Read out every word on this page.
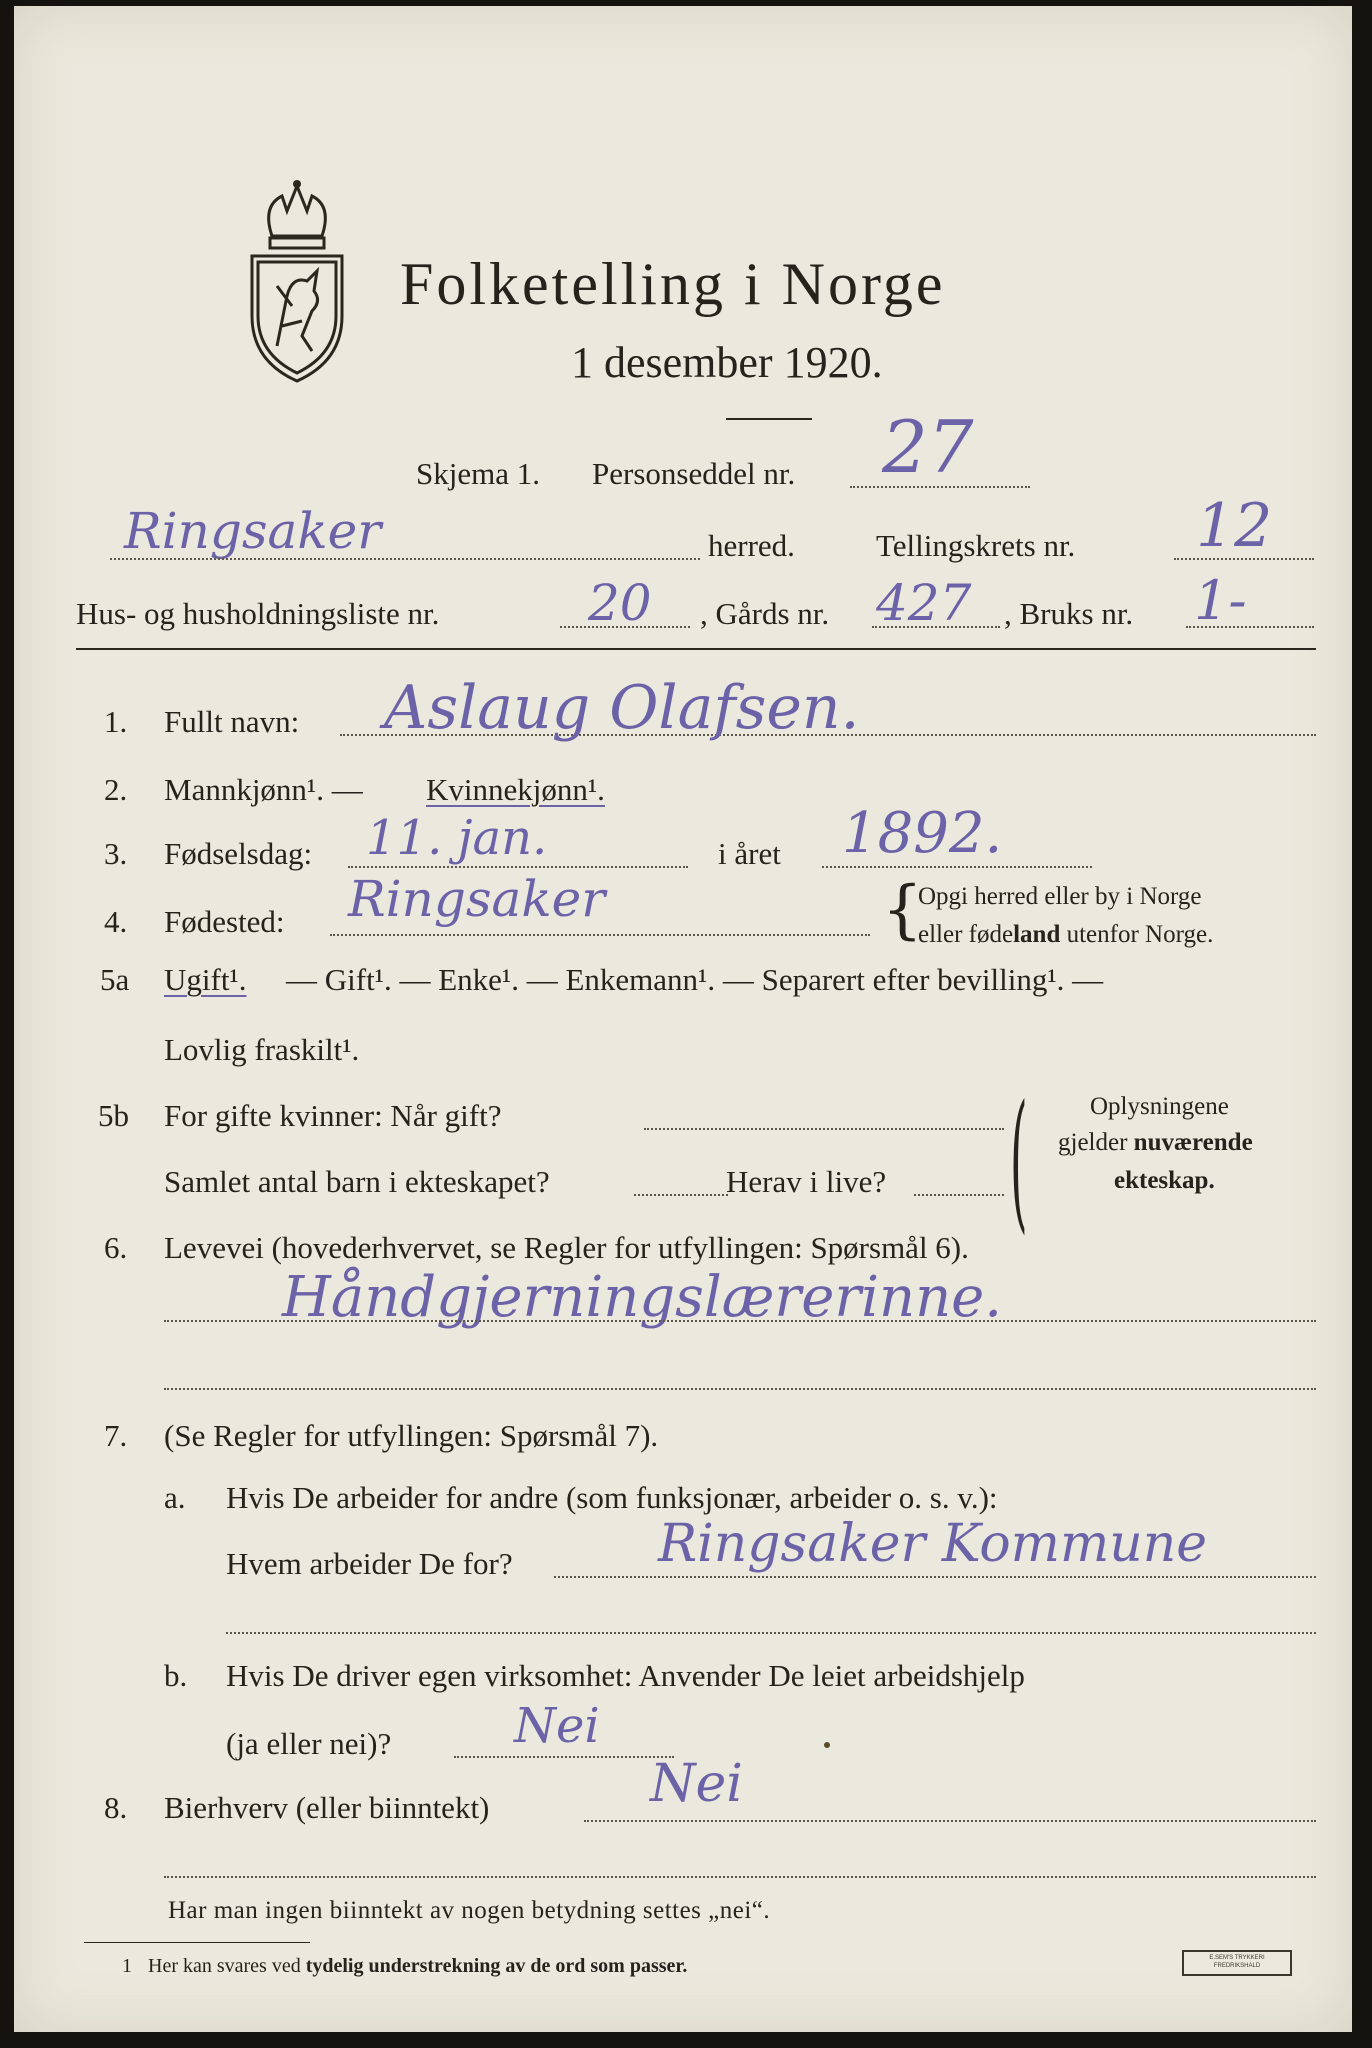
Folketelling i Norge
1 desember 1920.
Skjema 1. Personseddel nr. 27
Ringsaker	herred.	Tellingskrets nr. 12
Hus- og husholdningsliste nr.	20 , Gårds nr. 427 , Bruks nr. 1-
1. Fullt navn: Aslaug Olafsen.
2. Mannkjønn¹. — Kvinnekjønn¹.
3. Fødselsdag: 11. jan.	i året 1892.
4. Fødested: Ringsaker	{
Opgi herred eller by i Norge
eller fødeland utenfor Norge.
5a Ugift¹. — Gift¹. — Enke¹. — Enkemann¹. — Separert efter bevilling¹. —
Lovlig fraskilt¹.
5b For gifte kvinner: Når gift?
Samlet antal barn i ekteskapet?	Herav i live? ( Oplysningene
gjelder nuværende
ekteskap.
6. Levevei (hovederhvervet, se Regler for utfyllingen: Spørsmål 6).
Håndgjerningslærerinne.
7. (Se Regler for utfyllingen: Spørsmål 7).
a. Hvis De arbeider for andre (som funksjonær, arbeider o. s. v.):
Hvem arbeider De for?	Ringsaker Kommune
b. Hvis De driver egen virksomhet: Anvender De leiet arbeidshjelp
(ja eller nei)?	Nei
8. Bierhverv (eller biinntekt)	Nei
Har man ingen biinntekt av nogen betydning settes „nei“.
1 Her kan svares ved tydelig understrekning av de ord som passer.	E.SEM'S TRYKKERI FREDRIKSHALD
